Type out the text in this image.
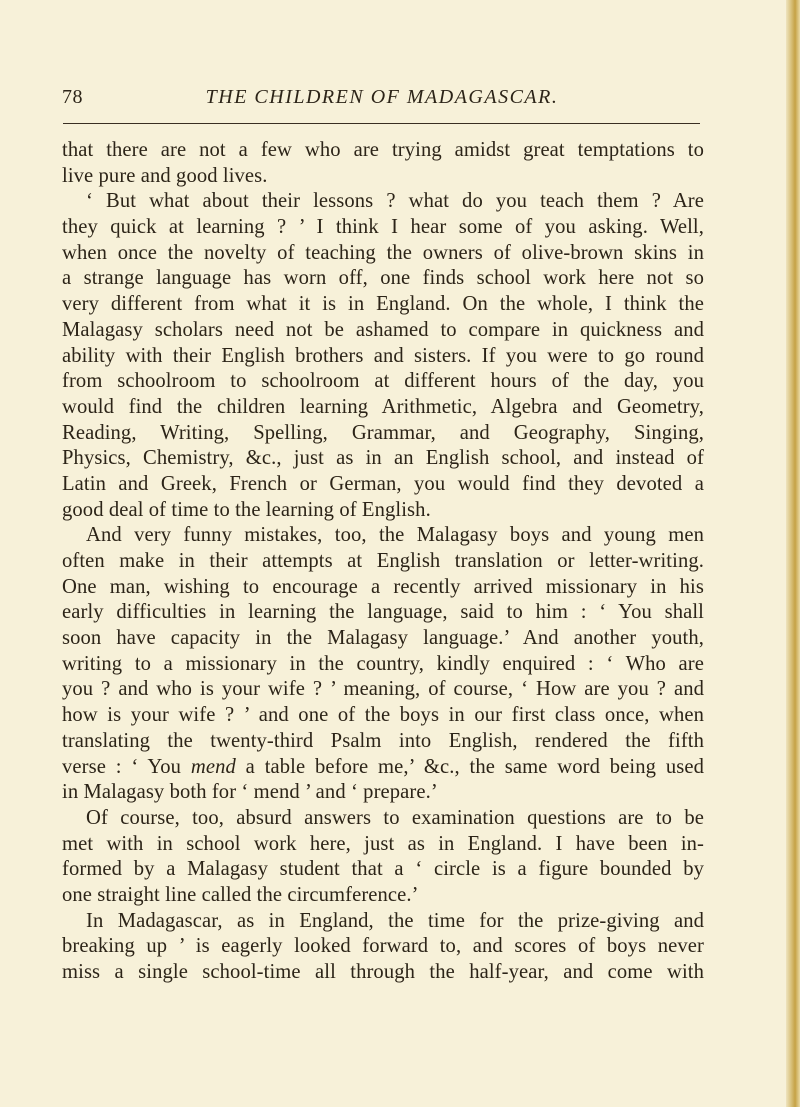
78	THE CHILDREN OF MADAGASCAR.
that there are not a few who are trying amidst great temptations to
live pure and good lives.
‘ But what about their lessons ? what do you teach them ? Are
they quick at learning ? ’ I think I hear some of you asking. Well,
when once the novelty of teaching the owners of olive-brown skins in
a strange language has worn off, one finds school work here not so
very different from what it is in England. On the whole, I think the
Malagasy scholars need not be ashamed to compare in quickness and
ability with their English brothers and sisters. If you were to go round
from schoolroom to schoolroom at different hours of the day, you
would find the children learning Arithmetic, Algebra and Geometry,
Reading, Writing, Spelling, Grammar, and Geography, Singing,
Physics, Chemistry, &c., just as in an English school, and instead of
Latin and Greek, French or German, you would find they devoted a
good deal of time to the learning of English.
And very funny mistakes, too, the Malagasy boys and young men
often make in their attempts at English translation or letter-writing.
One man, wishing to encourage a recently arrived missionary in his
early difficulties in learning the language, said to him : ‘ You shall
soon have capacity in the Malagasy language.’ And another youth,
writing to a missionary in the country, kindly enquired : ‘ Who are
you ? and who is your wife ? ’ meaning, of course, ‘ How are you ? and
how is your wife ? ’ and one of the boys in our first class once, when
translating the twenty-third Psalm into English, rendered the fifth
verse : ‘ You mend a table before me,’ &c., the same word being used
in Malagasy both for ‘ mend ’ and ‘ prepare.’
Of course, too, absurd answers to examination questions are to be
met with in school work here, just as in England. I have been in-
formed by a Malagasy student that a ‘ circle is a figure bounded by
one straight line called the circumference.’
In Madagascar, as in England, the time for the prize-giving and
breaking up ’ is eagerly looked forward to, and scores of boys never
miss a single school-time all through the half-year, and come with
